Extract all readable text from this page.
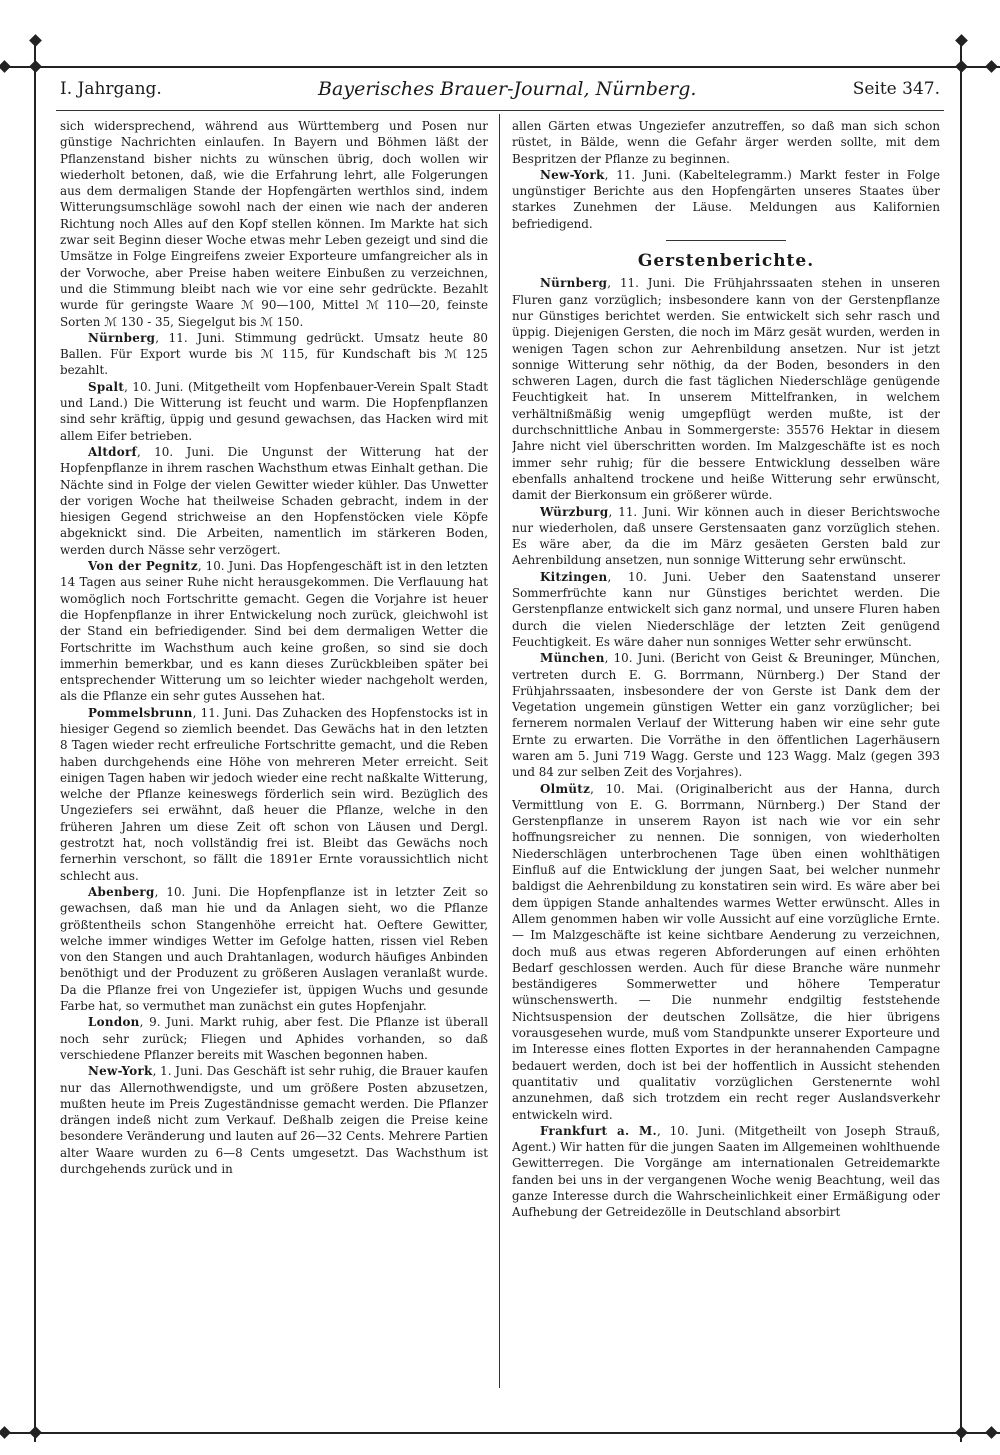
I. Jahrgang.	Bayerisches Brauer-Journal, Nürnberg.	Seite 347.

sich widersprechend, während aus Württemberg und Posen nur günstige Nachrichten einlaufen. In Bayern und Böhmen läßt der Pflanzenstand bisher nichts zu wünschen übrig, doch wollen wir wiederholt betonen, daß, wie die Erfahrung lehrt, alle Folgerungen aus dem dermaligen Stande der Hopfengärten werthlos sind, indem Witterungsumschläge sowohl nach der einen wie nach der anderen Richtung noch Alles auf den Kopf stellen können. Im Markte hat sich zwar seit Beginn dieser Woche etwas mehr Leben gezeigt und sind die Umsätze in Folge Eingreifens zweier Exporteure umfangreicher als in der Vorwoche, aber Preise haben weitere Einbußen zu verzeichnen, und die Stimmung bleibt nach wie vor eine sehr gedrückte. Bezahlt wurde für geringste Waare ℳ 90—100, Mittel ℳ 110—20, feinste Sorten ℳ 130 - 35, Siegelgut bis ℳ 150.

Nürnberg, 11. Juni. Stimmung gedrückt. Umsatz heute 80 Ballen. Für Export wurde bis ℳ 115, für Kundschaft bis ℳ 125 bezahlt.

Spalt, 10. Juni. (Mitgetheilt vom Hopfenbauer-Verein Spalt Stadt und Land.) Die Witterung ist feucht und warm. Die Hopfenpflanzen sind sehr kräftig, üppig und gesund gewachsen, das Hacken wird mit allem Eifer betrieben.

Altdorf, 10. Juni. Die Ungunst der Witterung hat der Hopfenpflanze in ihrem raschen Wachsthum etwas Einhalt gethan. Die Nächte sind in Folge der vielen Gewitter wieder kühler. Das Unwetter der vorigen Woche hat theilweise Schaden gebracht, indem in der hiesigen Gegend strichweise an den Hopfenstöcken viele Köpfe abgeknickt sind. Die Arbeiten, namentlich im stärkeren Boden, werden durch Nässe sehr verzögert.

Von der Pegnitz, 10. Juni. Das Hopfengeschäft ist in den letzten 14 Tagen aus seiner Ruhe nicht herausgekommen. Die Verflauung hat womöglich noch Fortschritte gemacht. Gegen die Vorjahre ist heuer die Hopfenpflanze in ihrer Entwickelung noch zurück, gleichwohl ist der Stand ein befriedigender. Sind bei dem dermaligen Wetter die Fortschritte im Wachsthum auch keine großen, so sind sie doch immerhin bemerkbar, und es kann dieses Zurückbleiben später bei entsprechender Witterung um so leichter wieder nachgeholt werden, als die Pflanze ein sehr gutes Aussehen hat.

Pommelsbrunn, 11. Juni. Das Zuhacken des Hopfenstocks ist in hiesiger Gegend so ziemlich beendet. Das Gewächs hat in den letzten 8 Tagen wieder recht erfreuliche Fortschritte gemacht, und die Reben haben durchgehends eine Höhe von mehreren Meter erreicht. Seit einigen Tagen haben wir jedoch wieder eine recht naßkalte Witterung, welche der Pflanze keineswegs förderlich sein wird. Bezüglich des Ungeziefers sei erwähnt, daß heuer die Pflanze, welche in den früheren Jahren um diese Zeit oft schon von Läusen und Dergl. gestrotzt hat, noch vollständig frei ist. Bleibt das Gewächs noch fernerhin verschont, so fällt die 1891er Ernte voraussichtlich nicht schlecht aus.

Abenberg, 10. Juni. Die Hopfenpflanze ist in letzter Zeit so gewachsen, daß man hie und da Anlagen sieht, wo die Pflanze größtentheils schon Stangenhöhe erreicht hat. Oeftere Gewitter, welche immer windiges Wetter im Gefolge hatten, rissen viel Reben von den Stangen und auch Drahtanlagen, wodurch häufiges Anbinden benöthigt und der Produzent zu größeren Auslagen veranlaßt wurde. Da die Pflanze frei von Ungeziefer ist, üppigen Wuchs und gesunde Farbe hat, so vermuthet man zunächst ein gutes Hopfenjahr.

London, 9. Juni. Markt ruhig, aber fest. Die Pflanze ist überall noch sehr zurück; Fliegen und Aphides vorhanden, so daß verschiedene Pflanzer bereits mit Waschen begonnen haben.

New-York, 1. Juni. Das Geschäft ist sehr ruhig, die Brauer kaufen nur das Allernothwendigste, und um größere Posten abzusetzen, mußten heute im Preis Zugeständnisse gemacht werden. Die Pflanzer drängen indeß nicht zum Verkauf. Deßhalb zeigen die Preise keine besondere Veränderung und lauten auf 26—32 Cents. Mehrere Partien alter Waare wurden zu 6—8 Cents umgesetzt. Das Wachsthum ist durchgehends zurück und in

allen Gärten etwas Ungeziefer anzutreffen, so daß man sich schon rüstet, in Bälde, wenn die Gefahr ärger werden sollte, mit dem Bespritzen der Pflanze zu beginnen.

New-York, 11. Juni. (Kabeltelegramm.) Markt fester in Folge ungünstiger Berichte aus den Hopfengärten unseres Staates über starkes Zunehmen der Läuse. Meldungen aus Kalifornien befriedigend.

Gerstenberichte.

Nürnberg, 11. Juni. Die Frühjahrssaaten stehen in unseren Fluren ganz vorzüglich; insbesondere kann von der Gerstenpflanze nur Günstiges berichtet werden. Sie entwickelt sich sehr rasch und üppig. Diejenigen Gersten, die noch im März gesät wurden, werden in wenigen Tagen schon zur Aehrenbildung ansetzen. Nur ist jetzt sonnige Witterung sehr nöthig, da der Boden, besonders in den schweren Lagen, durch die fast täglichen Niederschläge genügende Feuchtigkeit hat. In unserem Mittelfranken, in welchem verhältnißmäßig wenig umgepflügt werden mußte, ist der durchschnittliche Anbau in Sommergerste: 35576 Hektar in diesem Jahre nicht viel überschritten worden. Im Malzgeschäfte ist es noch immer sehr ruhig; für die bessere Entwicklung desselben wäre ebenfalls anhaltend trockene und heiße Witterung sehr erwünscht, damit der Bierkonsum ein größerer würde.

Würzburg, 11. Juni. Wir können auch in dieser Berichtswoche nur wiederholen, daß unsere Gerstensaaten ganz vorzüglich stehen. Es wäre aber, da die im März gesäeten Gersten bald zur Aehrenbildung ansetzen, nun sonnige Witterung sehr erwünscht.

Kitzingen, 10. Juni. Ueber den Saatenstand unserer Sommerfrüchte kann nur Günstiges berichtet werden. Die Gerstenpflanze entwickelt sich ganz normal, und unsere Fluren haben durch die vielen Niederschläge der letzten Zeit genügend Feuchtigkeit. Es wäre daher nun sonniges Wetter sehr erwünscht.

München, 10. Juni. (Bericht von Geist & Breuninger, München, vertreten durch E. G. Borrmann, Nürnberg.) Der Stand der Frühjahrssaaten, insbesondere der von Gerste ist Dank dem der Vegetation ungemein günstigen Wetter ein ganz vorzüglicher; bei fernerem normalen Verlauf der Witterung haben wir eine sehr gute Ernte zu erwarten. Die Vorräthe in den öffentlichen Lagerhäusern waren am 5. Juni 719 Wagg. Gerste und 123 Wagg. Malz (gegen 393 und 84 zur selben Zeit des Vorjahres).

Olmütz, 10. Mai. (Originalbericht aus der Hanna, durch Vermittlung von E. G. Borrmann, Nürnberg.) Der Stand der Gerstenpflanze in unserem Rayon ist nach wie vor ein sehr hoffnungsreicher zu nennen. Die sonnigen, von wiederholten Niederschlägen unterbrochenen Tage üben einen wohlthätigen Einfluß auf die Entwicklung der jungen Saat, bei welcher nunmehr baldigst die Aehrenbildung zu konstatiren sein wird. Es wäre aber bei dem üppigen Stande anhaltendes warmes Wetter erwünscht. Alles in Allem genommen haben wir volle Aussicht auf eine vorzügliche Ernte. — Im Malzgeschäfte ist keine sichtbare Aenderung zu verzeichnen, doch muß aus etwas regeren Abforderungen auf einen erhöhten Bedarf geschlossen werden. Auch für diese Branche wäre nunmehr beständigeres Sommerwetter und höhere Temperatur wünschenswerth. — Die nunmehr endgiltig feststehende Nichtsuspension der deutschen Zollsätze, die hier übrigens vorausgesehen wurde, muß vom Standpunkte unserer Exporteure und im Interesse eines flotten Exportes in der herannahenden Campagne bedauert werden, doch ist bei der hoffentlich in Aussicht stehenden quantitativ und qualitativ vorzüglichen Gerstenernte wohl anzunehmen, daß sich trotzdem ein recht reger Auslandsverkehr entwickeln wird.

Frankfurt a. M., 10. Juni. (Mitgetheilt von Joseph Strauß, Agent.) Wir hatten für die jungen Saaten im Allgemeinen wohlthuende Gewitterregen. Die Vorgänge am internationalen Getreidemarkte fanden bei uns in der vergangenen Woche wenig Beachtung, weil das ganze Interesse durch die Wahrscheinlichkeit einer Ermäßigung oder Aufhebung der Getreidezölle in Deutschland absorbirt
